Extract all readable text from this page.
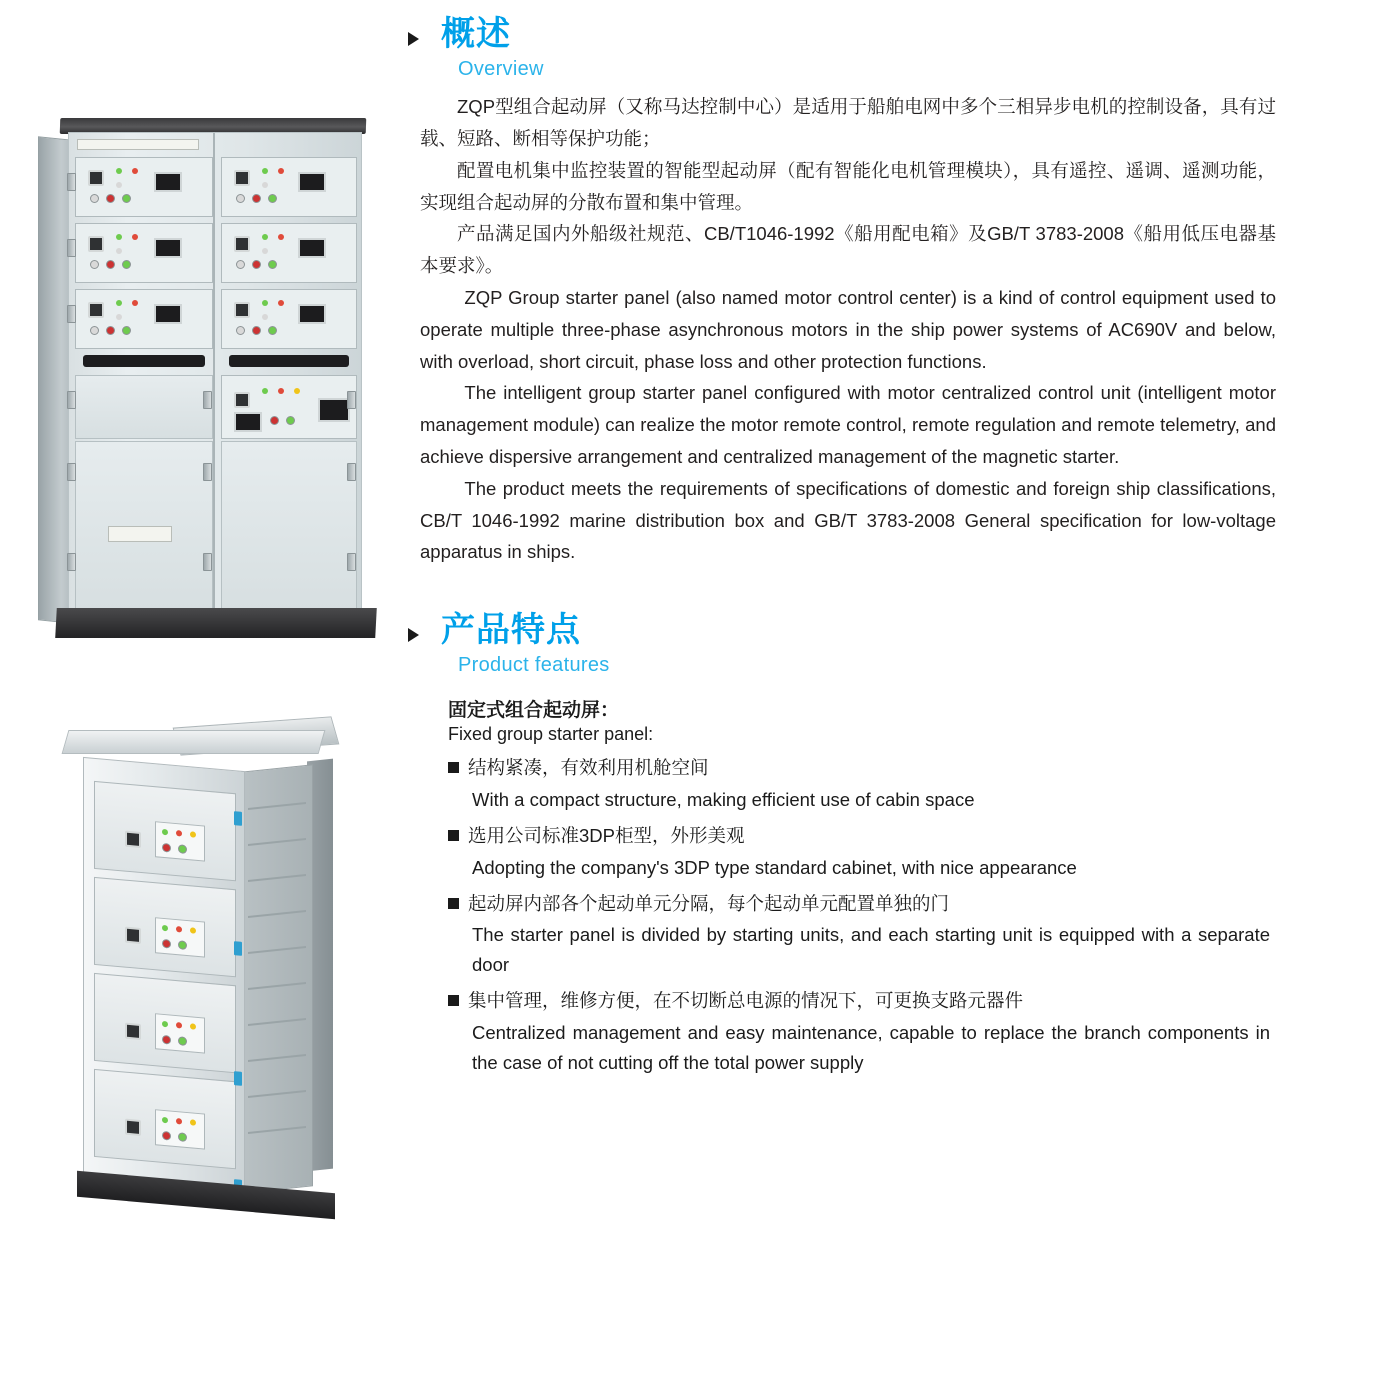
概述
Overview

ZQP型组合起动屏（又称马达控制中心）是适用于船舶电网中多个三相异步电机的控制设备，具有过载、短路、断相等保护功能；

配置电机集中监控装置的智能型起动屏（配有智能化电机管理模块），具有遥控、遥调、遥测功能，实现组合起动屏的分散布置和集中管理。

产品满足国内外船级社规范、CB/T1046-1992《船用配电箱》及GB/T 3783-2008《船用低压电器基本要求》。

ZQP Group starter panel (also named motor control center) is a kind of control equipment used to operate multiple three-phase asynchronous motors in the ship power systems of AC690V and below, with overload, short circuit, phase loss and other protection functions.

The intelligent group starter panel configured with motor centralized control unit (intelligent motor management module) can realize the motor remote control, remote regulation and remote telemetry, and achieve dispersive arrangement and centralized management of the magnetic starter.

The product meets the requirements of specifications of domestic and foreign ship classifications, CB/T 1046-1992 marine distribution box and GB/T 3783-2008 General specification for low-voltage apparatus in ships.

产品特点
Product features
固定式组合起动屏：
Fixed group starter panel:
结构紧凑，有效利用机舱空间
With a compact structure, making efficient use of cabin space
选用公司标准3DP柜型，外形美观
Adopting the company's 3DP type standard cabinet, with nice appearance
起动屏内部各个起动单元分隔，每个起动单元配置单独的门
The starter panel is divided by starting units, and each starting unit is equipped with a separate door
集中管理，维修方便，在不切断总电源的情况下，可更换支路元器件
Centralized management and easy maintenance, capable to replace the branch components in the case of not cutting off the total power supply
